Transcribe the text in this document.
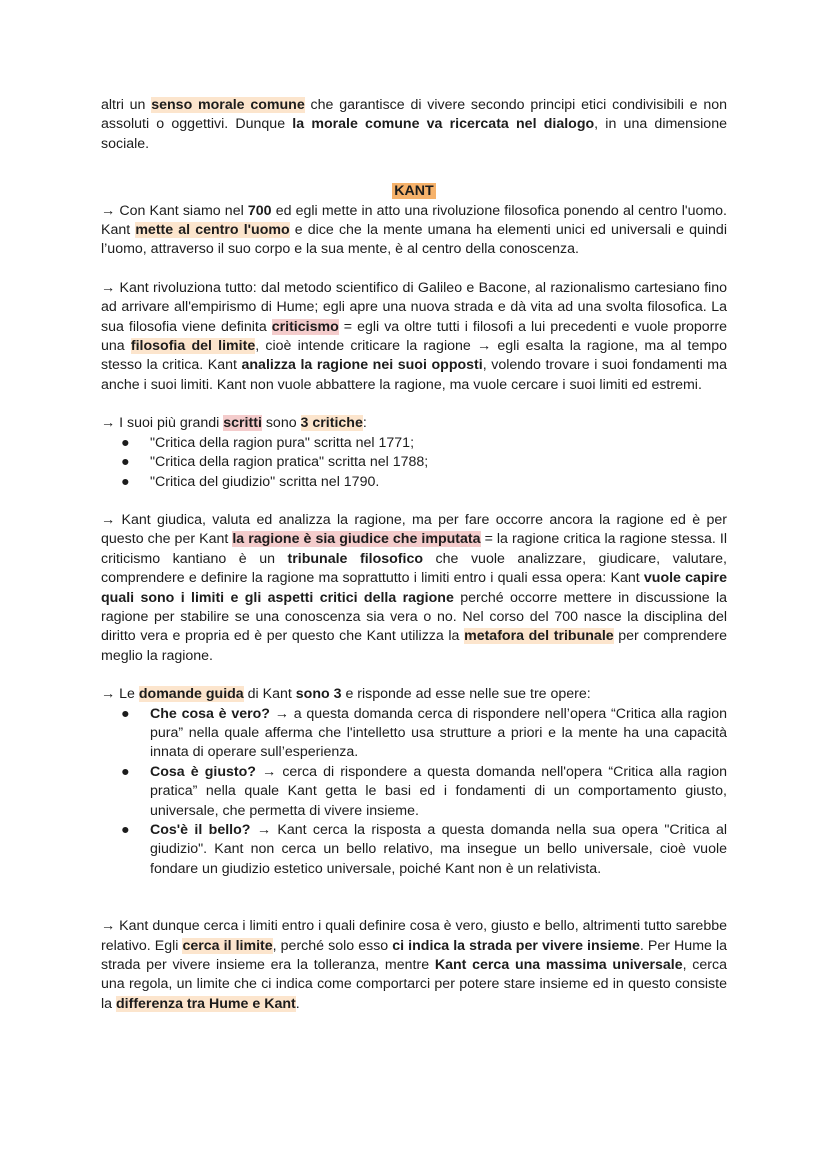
altri un senso morale comune che garantisce di vivere secondo principi etici condivisibili e non assoluti o oggettivi. Dunque la morale comune va ricercata nel dialogo, in una dimensione sociale.

KANT

→ Con Kant siamo nel 700 ed egli mette in atto una rivoluzione filosofica ponendo al centro l'uomo. Kant mette al centro l'uomo e dice che la mente umana ha elementi unici ed universali e quindi l’uomo, attraverso il suo corpo e la sua mente, è al centro della conoscenza.

→ Kant rivoluziona tutto: dal metodo scientifico di Galileo e Bacone, al razionalismo cartesiano fino ad arrivare all'empirismo di Hume; egli apre una nuova strada e dà vita ad una svolta filosofica. La sua filosofia viene definita criticismo = egli va oltre tutti i filosofi a lui precedenti e vuole proporre una filosofia del limite, cioè intende criticare la ragione → egli esalta la ragione, ma al tempo stesso la critica. Kant analizza la ragione nei suoi opposti, volendo trovare i suoi fondamenti ma anche i suoi limiti. Kant non vuole abbattere la ragione, ma vuole cercare i suoi limiti ed estremi.

→ I suoi più grandi scritti sono 3 critiche:

● "Critica della ragion pura" scritta nel 1771;
● "Critica della ragion pratica" scritta nel 1788;
● "Critica del giudizio" scritta nel 1790.

→ Kant giudica, valuta ed analizza la ragione, ma per fare occorre ancora la ragione ed è per questo che per Kant la ragione è sia giudice che imputata = la ragione critica la ragione stessa. Il criticismo kantiano è un tribunale filosofico che vuole analizzare, giudicare, valutare, comprendere e definire la ragione ma soprattutto i limiti entro i quali essa opera: Kant vuole capire quali sono i limiti e gli aspetti critici della ragione perché occorre mettere in discussione la ragione per stabilire se una conoscenza sia vera o no. Nel corso del 700 nasce la disciplina del diritto vera e propria ed è per questo che Kant utilizza la metafora del tribunale per comprendere meglio la ragione.

→ Le domande guida di Kant sono 3 e risponde ad esse nelle sue tre opere:

● Che cosa è vero? → a questa domanda cerca di rispondere nell’opera “Critica alla ragion pura” nella quale afferma che l'intelletto usa strutture a priori e la mente ha una capacità innata di operare sull’esperienza.
● Cosa è giusto? → cerca di rispondere a questa domanda nell'opera “Critica alla ragion pratica” nella quale Kant getta le basi ed i fondamenti di un comportamento giusto, universale, che permetta di vivere insieme.
● Cos'è il bello? → Kant cerca la risposta a questa domanda nella sua opera "Critica al giudizio". Kant non cerca un bello relativo, ma insegue un bello universale, cioè vuole fondare un giudizio estetico universale, poiché Kant non è un relativista.

→ Kant dunque cerca i limiti entro i quali definire cosa è vero, giusto e bello, altrimenti tutto sarebbe relativo. Egli cerca il limite, perché solo esso ci indica la strada per vivere insieme. Per Hume la strada per vivere insieme era la tolleranza, mentre Kant cerca una massima universale, cerca una regola, un limite che ci indica come comportarci per potere stare insieme ed in questo consiste la differenza tra Hume e Kant.
